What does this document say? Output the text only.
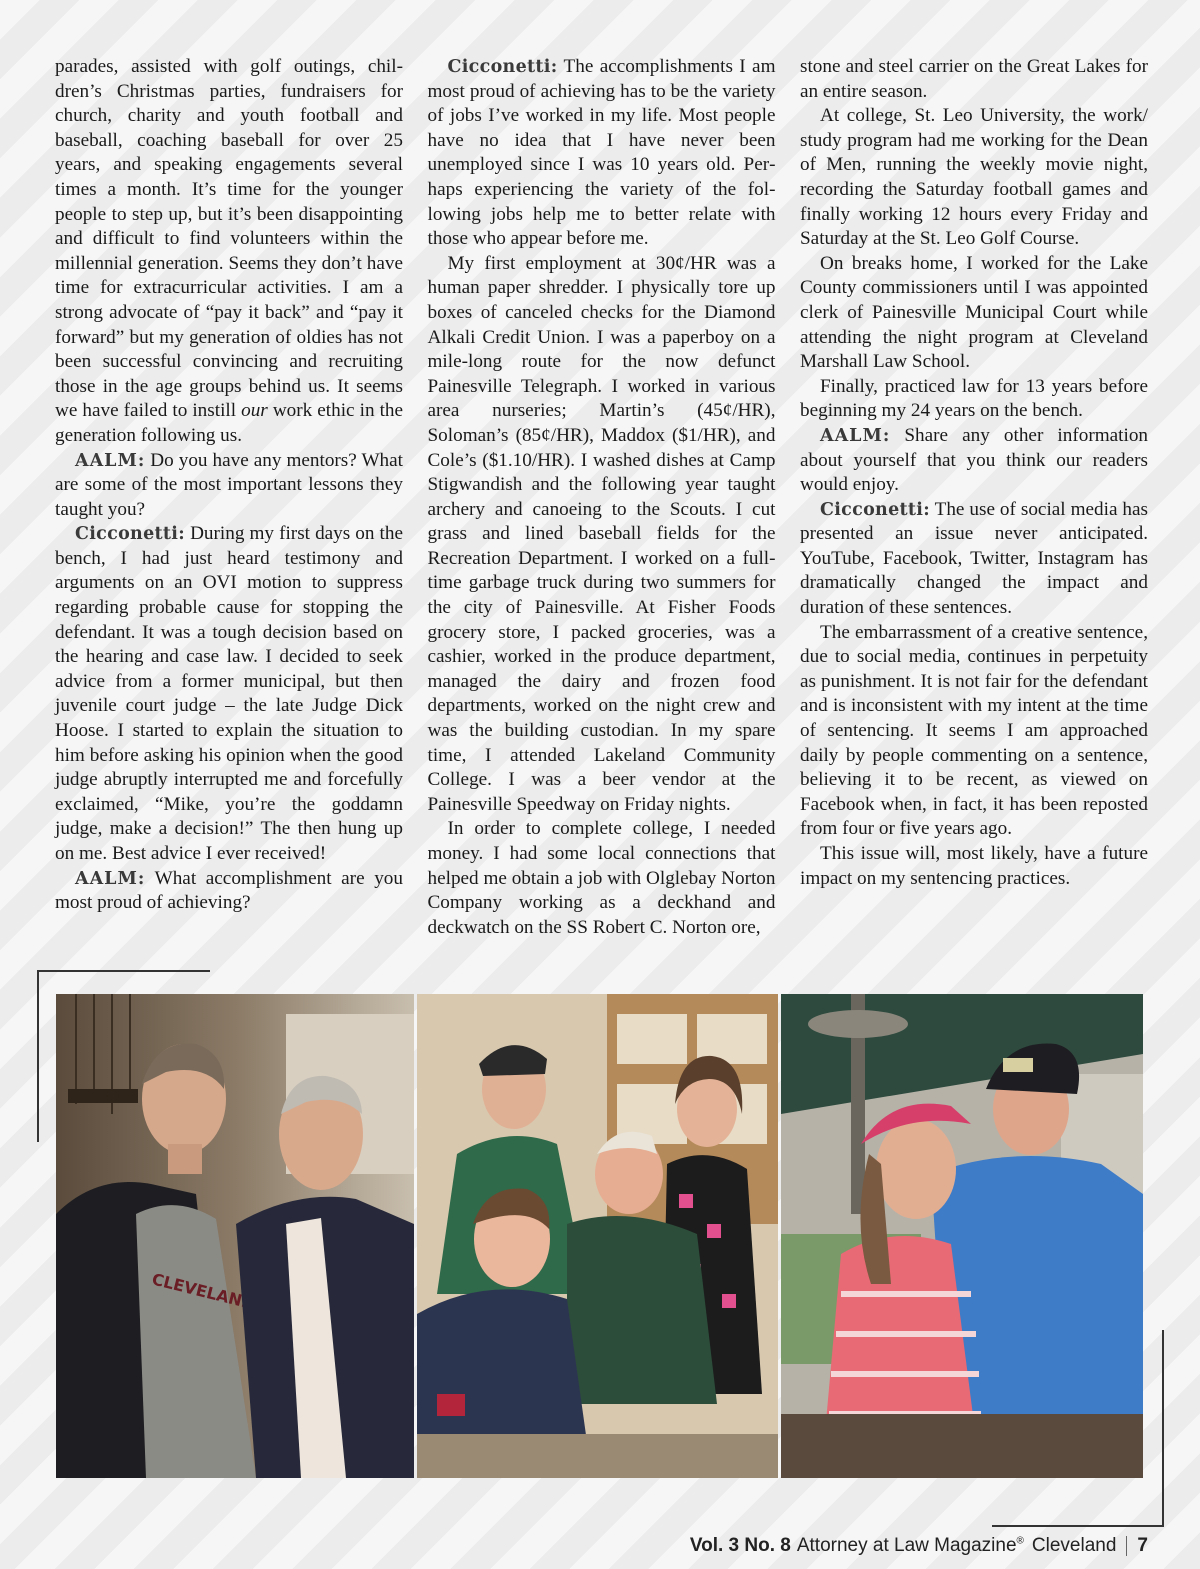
parades, assisted with golf outings, children’s Christmas parties, fundraisers for church, charity and youth football and baseball, coaching baseball for over 25 years, and speaking engagements several times a month. It’s time for the younger people to step up, but it’s been disappointing and difficult to find volunteers within the millennial generation. Seems they don’t have time for extracurricular activities. I am a strong advocate of “pay it back” and “pay it forward” but my generation of oldies has not been successful convincing and recruiting those in the age groups behind us. It seems we have failed to instill our work ethic in the generation following us.

AALM: Do you have any mentors? What are some of the most important lessons they taught you?

Cicconetti: During my first days on the bench, I had just heard testimony and arguments on an OVI motion to suppress regarding probable cause for stopping the defendant. It was a tough decision based on the hearing and case law. I decided to seek advice from a former municipal, but then juvenile court judge – the late Judge Dick Hoose. I started to explain the situation to him before asking his opinion when the good judge abruptly interrupted me and forcefully exclaimed, “Mike, you’re the goddamn judge, make a decision!” The then hung up on me. Best advice I ever received!

AALM: What accomplishment are you most proud of achieving?

Cicconetti: The accomplishments I am most proud of achieving has to be the variety of jobs I’ve worked in my life. Most people have no idea that I have never been unemployed since I was 10 years old. Perhaps experiencing the variety of the following jobs help me to better relate with those who appear before me.

My first employment at 30¢/HR was a human paper shredder. I physically tore up boxes of canceled checks for the Diamond Alkali Credit Union. I was a paperboy on a mile-long route for the now defunct Painesville Telegraph. I worked in various area nurseries; Martin’s (45¢/HR), Soloman’s (85¢/HR), Maddox ($1/HR), and Cole’s ($1.10/HR). I washed dishes at Camp Stigwandish and the following year taught archery and canoeing to the Scouts. I cut grass and lined baseball fields for the Recreation Department. I worked on a full-time garbage truck during two summers for the city of Painesville. At Fisher Foods grocery store, I packed groceries, was a cashier, worked in the produce department, managed the dairy and frozen food departments, worked on the night crew and was the building custodian. In my spare time, I attended Lakeland Community College. I was a beer vendor at the Painesville Speedway on Friday nights.

In order to complete college, I needed money. I had some local connections that helped me obtain a job with Olglebay Norton Company working as a deckhand and deckwatch on the SS Robert C. Norton ore,

stone and steel carrier on the Great Lakes for an entire season.

At college, St. Leo University, the work/ study program had me working for the Dean of Men, running the weekly movie night, recording the Saturday football games and finally working 12 hours every Friday and Saturday at the St. Leo Golf Course.

On breaks home, I worked for the Lake County commissioners until I was appointed clerk of Painesville Municipal Court while attending the night program at Cleveland Marshall Law School.

Finally, practiced law for 13 years before beginning my 24 years on the bench.

AALM: Share any other information about yourself that you think our readers would enjoy.

Cicconetti: The use of social media has presented an issue never anticipated. YouTube, Facebook, Twitter, Instagram has dramatically changed the impact and duration of these sentences.

The embarrassment of a creative sentence, due to social media, continues in perpetuity as punishment. It is not fair for the defendant and is inconsistent with my intent at the time of sentencing. It seems I am approached daily by people commenting on a sentence, believing it to be recent, as viewed on Facebook when, in fact, it has been reposted from four or five years ago.

This issue will, most likely, have a future impact on my sentencing practices.

CLEVELAND
Vol. 3 No. 8 Attorney at Law Magazine® Cleveland 7
